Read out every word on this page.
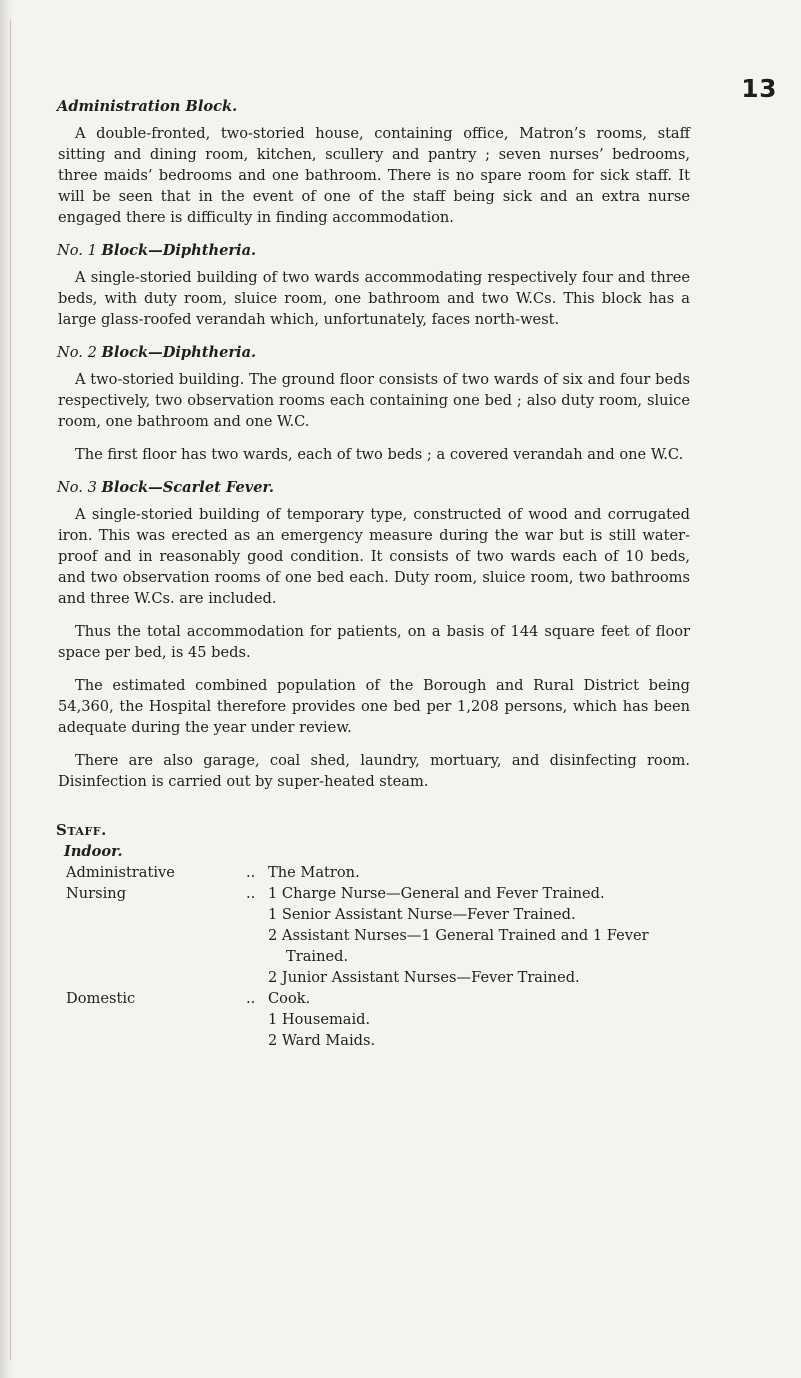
13
Administration Block.

A double-fronted, two-storied house, containing office, Matron’s rooms, staff sitting and dining room, kitchen, scullery and pantry ; seven nurses’ bedrooms, three maids’ bedrooms and one bathroom. There is no spare room for sick staff. It will be seen that in the event of one of the staff being sick and an extra nurse engaged there is difficulty in finding accommodation.

No. 1 Block—Diphtheria.

A single-storied building of two wards accommodating respectively four and three beds, with duty room, sluice room, one bathroom and two W.Cs. This block has a large glass-roofed verandah which, unfortunately, faces north-west.

No. 2 Block—Diphtheria.

A two-storied building. The ground floor consists of two wards of six and four beds respectively, two observation rooms each containing one bed ; also duty room, sluice room, one bathroom and one W.C.

The first floor has two wards, each of two beds ; a covered verandah and one W.C.

No. 3 Block—Scarlet Fever.

A single-storied building of temporary type, constructed of wood and corrugated iron. This was erected as an emergency measure during the war but is still water-proof and in reasonably good condition. It consists of two wards each of 10 beds, and two observation rooms of one bed each. Duty room, sluice room, two bathrooms and three W.Cs. are included.

Thus the total accommodation for patients, on a basis of 144 square feet of floor space per bed, is 45 beds.

The estimated combined population of the Borough and Rural District being 54,360, the Hospital therefore provides one bed per 1,208 persons, which has been adequate during the year under review.

There are also garage, coal shed, laundry, mortuary, and disinfecting room. Disinfection is carried out by super-heated steam.

Staff.
Indoor.
Administrative	.. The Matron.
Nursing	.. 1 Charge Nurse—General and Fever Trained.
1 Senior Assistant Nurse—Fever Trained.
2 Assistant Nurses—1 General Trained and 1 Fever Trained.
2 Junior Assistant Nurses—Fever Trained.
Domestic	.. Cook.
1 Housemaid.
2 Ward Maids.
